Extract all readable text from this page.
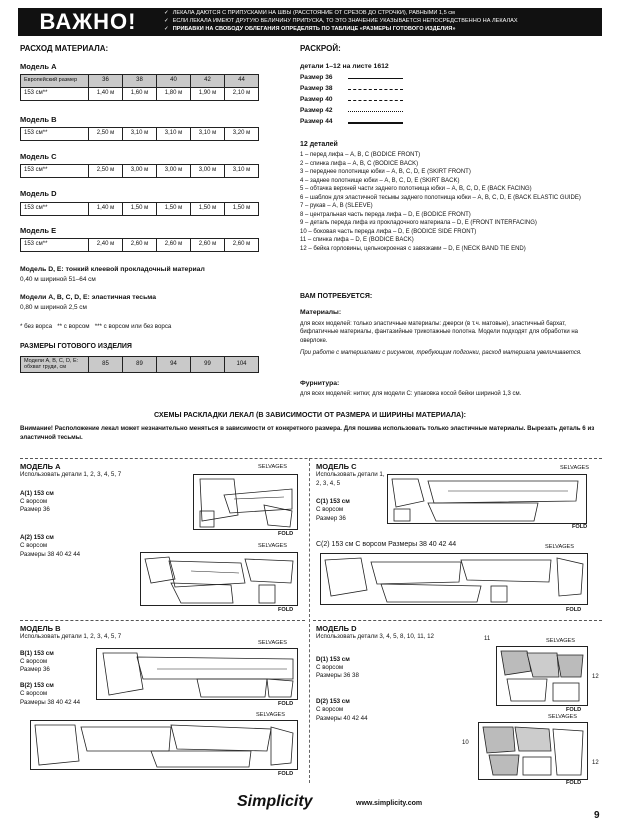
ВАЖНО!	✓ ЛЕКАЛА ДАЮТСЯ С ПРИПУСКАМИ НА ШВЫ (РАССТОЯНИЕ ОТ СРЕЗОВ ДО СТРОЧКИ), РАВНЫМИ 1,5 см
✓ ЕСЛИ ЛЕКАЛА ИМЕЮТ ДРУГУЮ ВЕЛИЧИНУ ПРИПУСКА, ТО ЭТО ЗНАЧЕНИЕ УКАЗЫВАЕТСЯ НЕПОСРЕДСТВЕННО НА ЛЕКАЛАХ
✓ ПРИБАВКИ НА СВОБОДУ ОБЛЕГАНИЯ ОПРЕДЕЛЯТЬ ПО ТАБЛИЦЕ «РАЗМЕРЫ ГОТОВОГО ИЗДЕЛИЯ»
РАСХОД МАТЕРИАЛА:
Модель А
Европейский размер	36	38	40	42	44
153 см**	1,40 м	1,60 м	1,80 м	1,90 м	2,10 м
Модель B
153 см**	2,50 м	3,10 м	3,10 м	3,10 м	3,20 м
Модель C
153 см**	2,50 м	3,00 м	3,00 м	3,00 м	3,10 м
Модель D
153 см**	1,40 м	1,50 м	1,50 м	1,50 м	1,50 м
Модель E
153 см**	2,40 м	2,60 м	2,60 м	2,60 м	2,60 м
Модель D, E: тонкий клеевой прокладочный материал
0,40 м шириной 51–64 см
Модели A, B, C, D, E: эластичная тесьма
0,80 м шириной 2,5 см
* без ворса   ** с ворсом   *** с ворсом или без ворса
РАЗМЕРЫ ГОТОВОГО ИЗДЕЛИЯ
Модели А, B, C, D, E: обхват груди, см	85	89	94	99	104
РАСКРОЙ:
детали 1–12 на листе 1612
Размер 36
Размер 38
Размер 40
Размер 42
Размер 44
12 деталей
1 – перед лифа – A, B, C (BODICE FRONT)
2 – спинка лифа – A, B, C (BODICE BACK)
3 – переднее полотнище юбки – A, B, C, D, E (SKIRT FRONT)
4 – заднее полотнище юбки – A, B, C, D, E (SKIRT BACK)
5 – обтачка верхней части заднего полотнища юбки – A, B, C, D, E (BACK FACING)
6 – шаблон для эластичной тесьмы заднего полотнища юбки – A, B, C, D, E (BACK ELASTIC GUIDE)
7 – рукав – A, B (SLEEVE)
8 – центральная часть переда лифа – D, E (BODICE FRONT)
9 – деталь переда лифа из прокладочного материала – D, E (FRONT INTERFACING)
10 – боковая часть переда лифа – D, E (BODICE SIDE FRONT)
11 – спинка лифа – D, E (BODICE BACK)
12 – бейка горловины, цельнокроеная с завязками – D, E (NECK BAND TIE END)
ВАМ ПОТРЕБУЕТСЯ:
Материалы:
для всех моделей: только эластичные материалы: джерси (в т.ч. матовые), эластичный бархат, бифлатичные материалы, фантазийные трикотажные полотна. Модели подходят для обработки на оверлоке.
При работе с материалами с рисунком, требующим подгонки, расход материала увеличивается.
Фурнитура:
для всех моделей: нитки; для модели С: упаковка косой бейки шириной 1,3 см.
СХЕМЫ РАСКЛАДКИ ЛЕКАЛ (В ЗАВИСИМОСТИ ОТ РАЗМЕРА И ШИРИНЫ МАТЕРИАЛА):
Внимание! Расположение лекал может незначительно меняться в зависимости от конкретного размера. Для пошива использовать только эластичные материалы. Вырезать деталь 6 из эластичной тесьмы.
МОДЕЛЬ А
Использовать детали 1, 2, 3, 4, 5, 7
А(1) 153 см
С ворсом
Размер 36
А(2) 153 см
С ворсом
Размеры 38 40 42 44
SELVAGES
FOLD
SELVAGES
FOLD
МОДЕЛЬ С
Использовать детали 1, 2, 3, 4, 5
С(1) 153 см
С ворсом
Размер 36
С(2) 153 см С ворсом Размеры 38 40 42 44
SELVAGES
FOLD
SELVAGES
FOLD
МОДЕЛЬ В
Использовать детали 1, 2, 3, 4, 5, 7
В(1) 153 см
С ворсом
Размер 36
В(2) 153 см
С ворсом
Размеры 38 40 42 44
SELVAGES
FOLD
SELVAGES
FOLD
МОДЕЛЬ D
Использовать детали 3, 4, 5, 8, 10, 11, 12
D(1) 153 см
С ворсом
Размеры 36 38
D(2) 153 см
С ворсом
Размеры 40 42 44
SELVAGES
FOLD
11
12
SELVAGES
FOLD
10
12
Simplicity	www.simplicity.com
9
